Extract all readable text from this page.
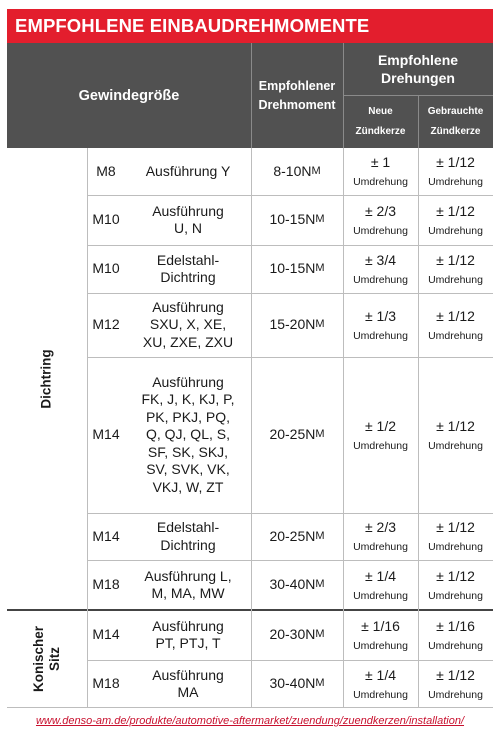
EMPFOHLENE EINBAUDREHMOMENTE
Gewindegröße
Empfohlener
Drehmoment
Empfohlene
Drehungen
Neue
Zündkerze
Gebrauchte
Zündkerze
M8	Ausführung Y	8-10 N M
± 1
Umdrehung
± 1/12
Umdrehung
M10
Ausführung
U, N
10-15 N M
± 2/3
Umdrehung
± 1/12
Umdrehung
M10
Edelstahl-
Dichtring
10-15 N M
± 3/4
Umdrehung
± 1/12
Umdrehung
M12
Ausführung
SXU, X, XE,
XU, ZXE, ZXU
15-20 N M
± 1/3
Umdrehung
± 1/12
Umdrehung
M14
Ausführung
FK, J, K, KJ, P,
PK, PKJ, PQ,
Q, QJ, QL, S,
SF, SK, SKJ,
SV, SVK, VK,
VKJ, W, ZT
20-25 N M
± 1/2
Umdrehung
± 1/12
Umdrehung
M14
Edelstahl-
Dichtring
20-25 N M
± 2/3
Umdrehung
± 1/12
Umdrehung
M18
Ausführung L,
M, MA, MW
30-40 N M
± 1/4
Umdrehung
± 1/12
Umdrehung
M14
Ausführung
PT, PTJ, T
20-30 N M
± 1/16
Umdrehung
± 1/16
Umdrehung
M18
Ausführung
MA
30-40 N M
± 1/4
Umdrehung
± 1/12
Umdrehung
Dichtring
Konischer
Sitz
www.denso-am.de/produkte/automotive-aftermarket/zuendung/zuendkerzen/installation/
